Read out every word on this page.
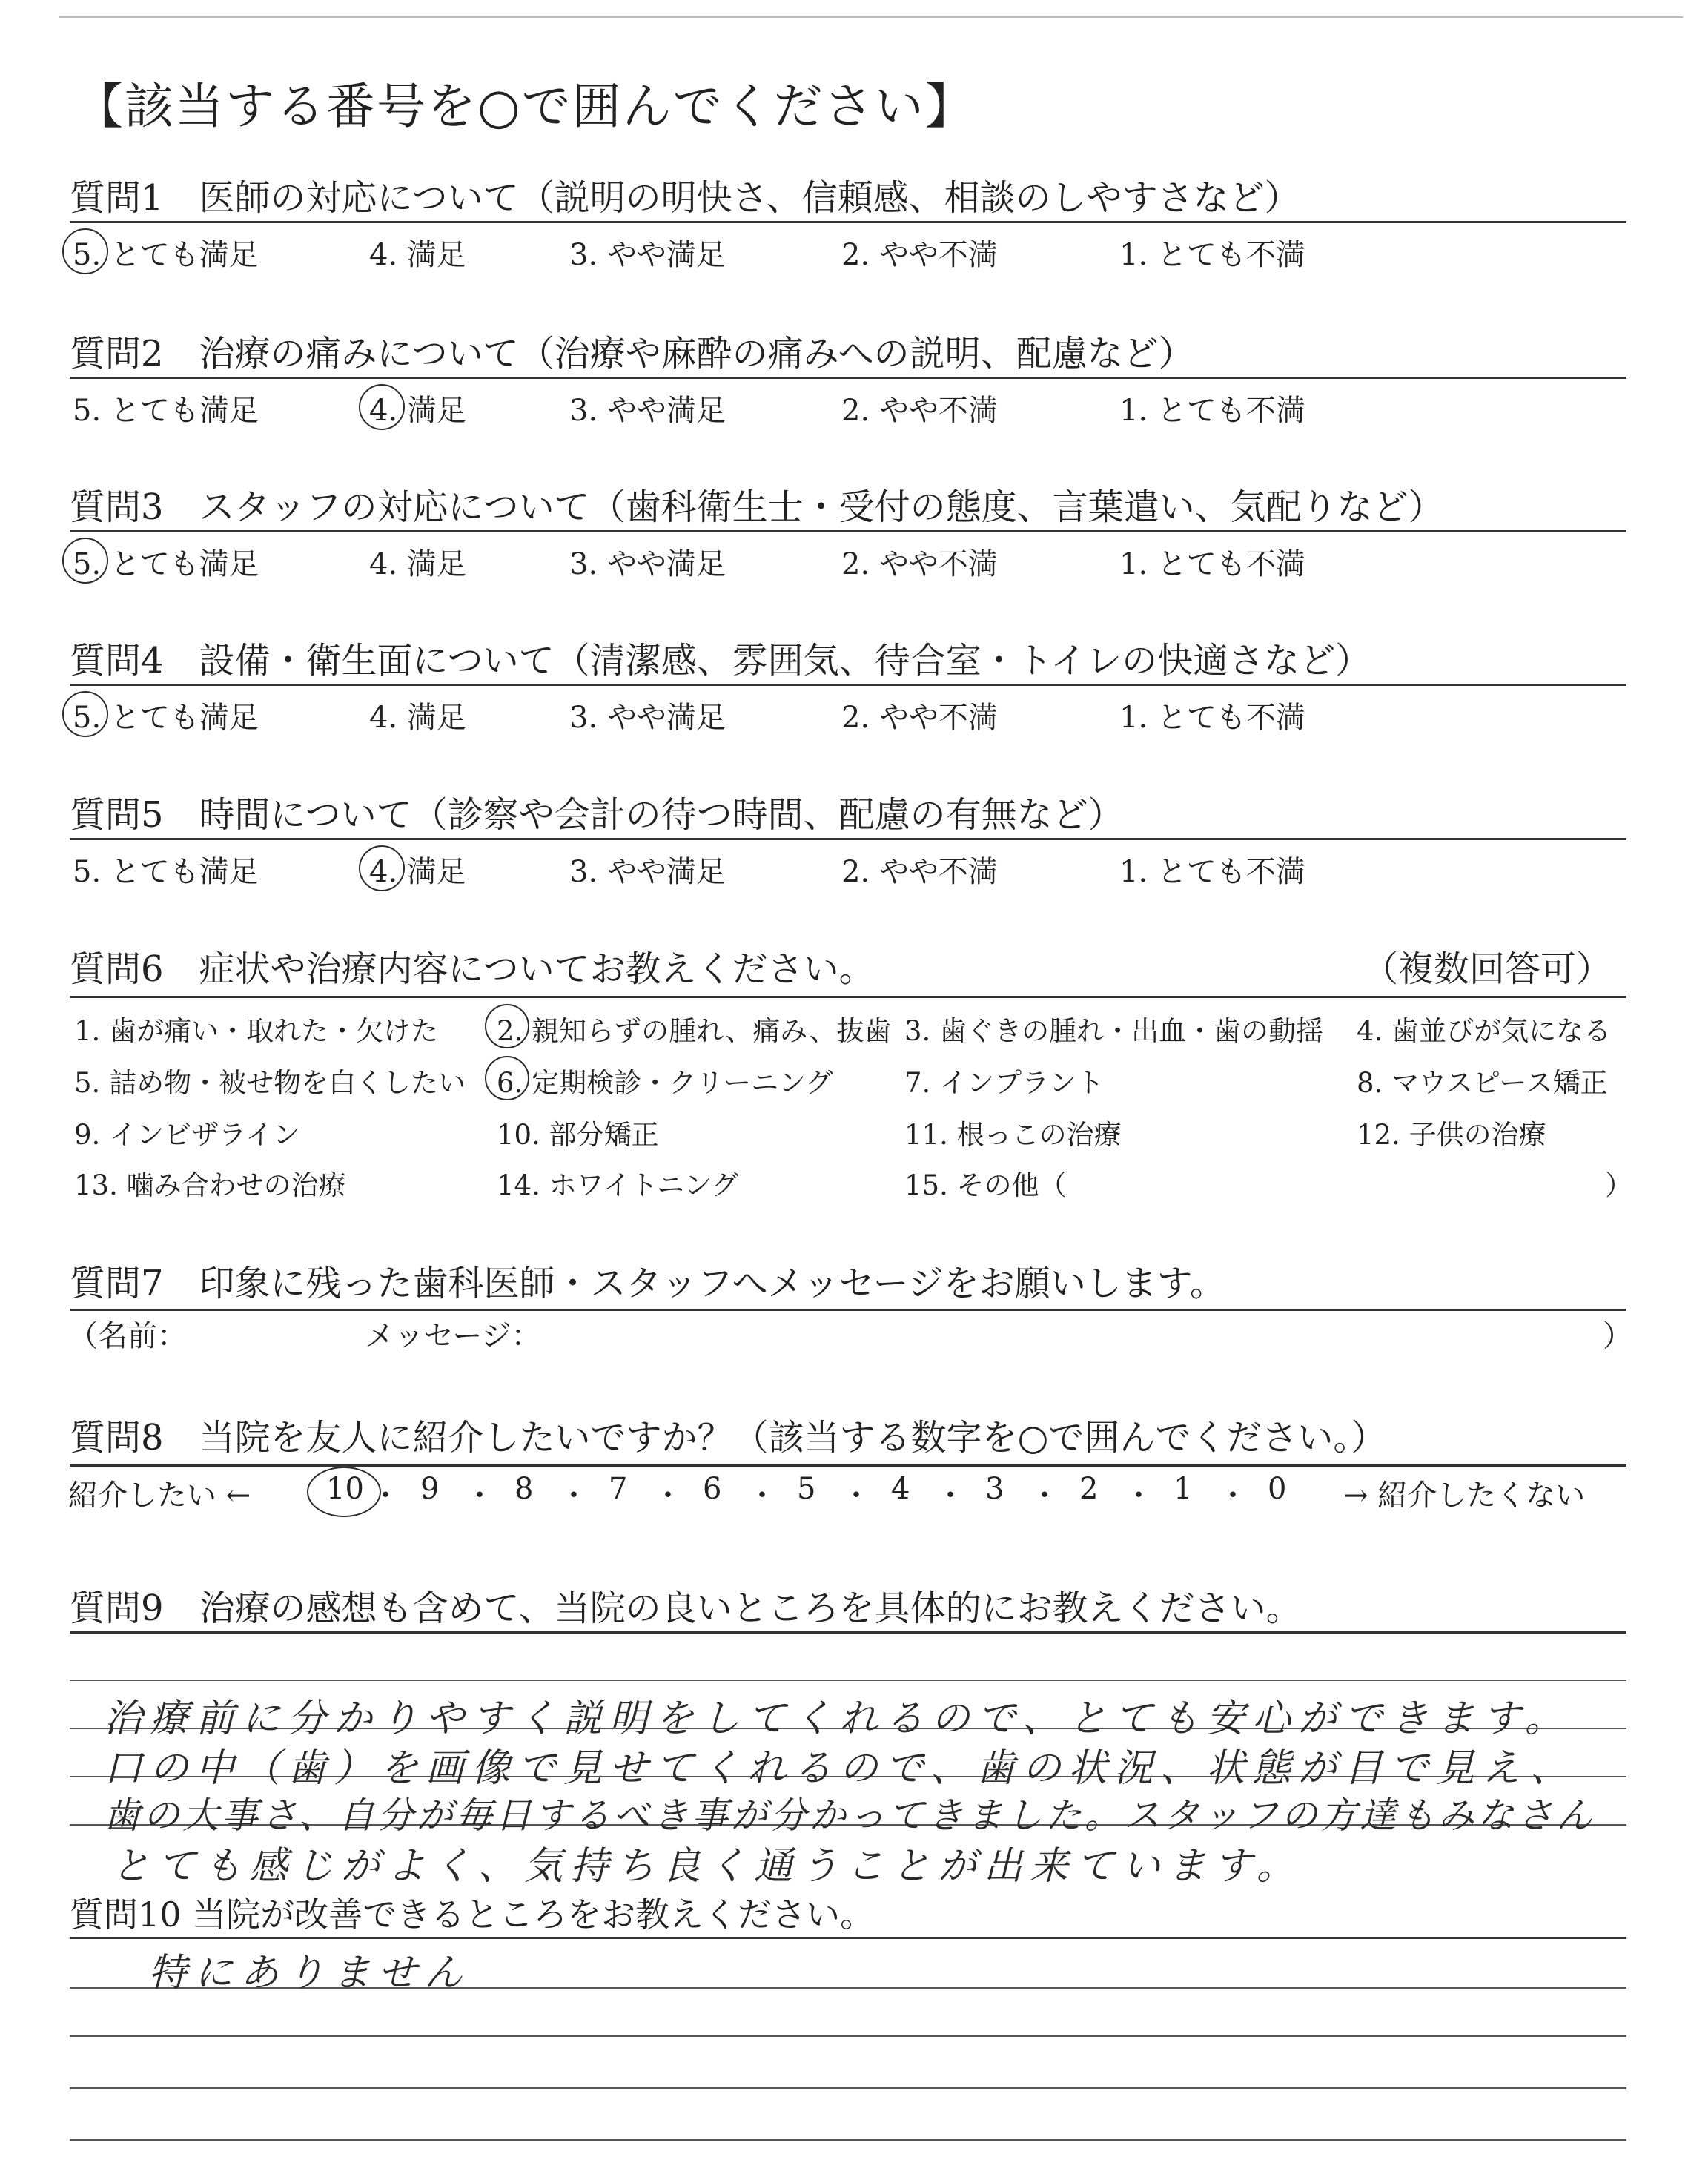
【該当する番号を○で囲んでください】
質問1　医師の対応について（説明の明快さ、信頼感、相談のしやすさなど）
5. とても満足	4. 満足	3. やや満足	2. やや不満	1. とても不満
質問2　治療の痛みについて（治療や麻酔の痛みへの説明、配慮など）
5. とても満足	4. 満足	3. やや満足	2. やや不満	1. とても不満
質問3　スタッフの対応について（歯科衛生士・受付の態度、言葉遣い、気配りなど）
5. とても満足	4. 満足	3. やや満足	2. やや不満	1. とても不満
質問4　設備・衛生面について（清潔感、雰囲気、待合室・トイレの快適さなど）
5. とても満足	4. 満足	3. やや満足	2. やや不満	1. とても不満
質問5　時間について（診察や会計の待つ時間、配慮の有無など）
5. とても満足	4. 満足	3. やや満足	2. やや不満	1. とても不満
質問6　症状や治療内容についてお教えください。	（複数回答可）
1. 歯が痛い・取れた・欠けた 2. 親知らずの腫れ、痛み、抜歯 3. 歯ぐきの腫れ・出血・歯の動揺 4. 歯並びが気になる
5. 詰め物・被せ物を白くしたい 6. 定期検診・クリーニング	7. インプラント	8. マウスピース矯正
9. インビザライン	10. 部分矯正	11. 根っこの治療	12. 子供の治療
13. 噛み合わせの治療	14. ホワイトニング	15. その他（	）
質問7　印象に残った歯科医師・スタッフへメッセージをお願いします。
（名前：	メッセージ：	）
質問8　当院を友人に紹介したいですか？（該当する数字を○で囲んでください。）
紹介したい ←	→ 紹介したくない
10 ・ 9 ・ 8 ・ 7 ・ 6 ・ 5 ・ 4 ・ 3 ・ 2 ・ 1 ・ 0
質問9　治療の感想も含めて、当院の良いところを具体的にお教えください。
治療前に分かりやすく説明をしてくれるので、とても安心ができます。
口の中（歯）を画像で見せてくれるので、歯の状況、状態が目で見え、
歯の大事さ、自分が毎日するべき事が分かってきました。スタッフの方達もみなさん
とても感じがよく、気持ち良く通うことが出来ています。
質問10 当院が改善できるところをお教えください。
特にありません
